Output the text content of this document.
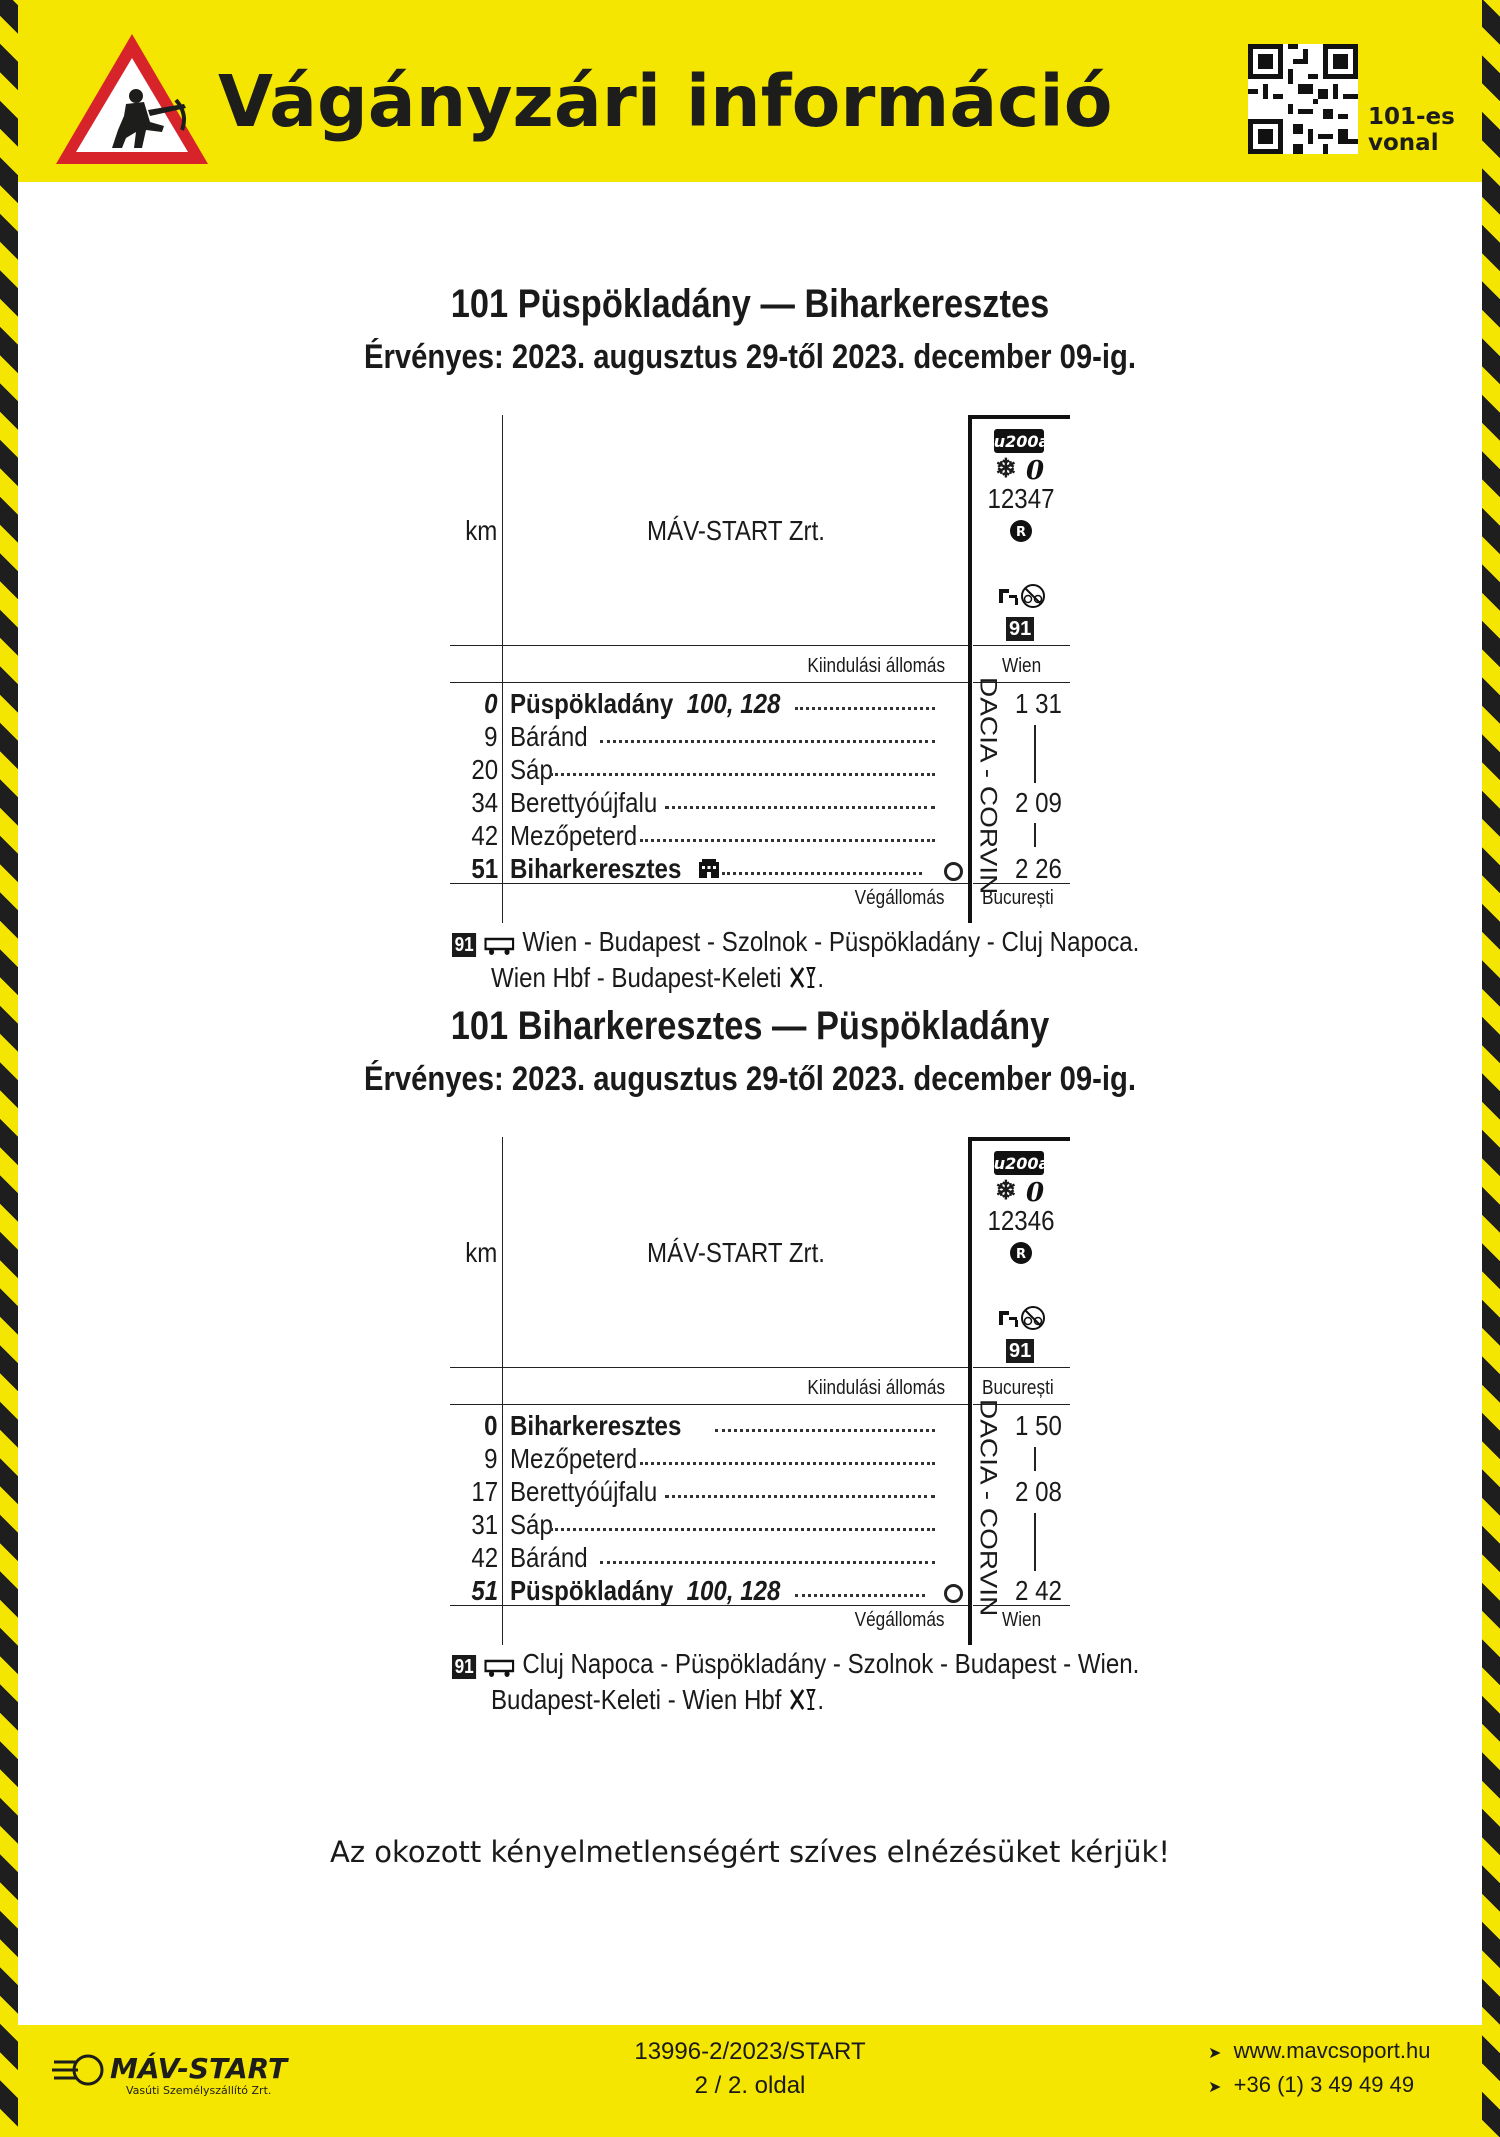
Vágányzári információ	101-es
vonal
101 Püspökladány — Biharkeresztes
Érvényes: 2023. augusztus 29-től 2023. december 09-ig.
km	MÁV-START Zrt.
E\u200aC
❄ 0
12347
R
91
Kiindulási állomás	Wien
0 Püspökladány 100, 128	1 31
9 Báránd
20 Sáp
34 Berettyóújfalu	2 09
42 Mezőpeterd
51 Biharkeresztes	2 26
DACIA - CORVIN
Végállomás București
91 Wien - Budapest - Szolnok - Püspökladány - Cluj Napoca.
Wien Hbf - Budapest-Keleti .
101 Biharkeresztes — Püspökladány
Érvényes: 2023. augusztus 29-től 2023. december 09-ig.
km	MÁV-START Zrt.
E\u200aC
❄ 0
12346
R
91
Kiindulási állomás București
0 Biharkeresztes	1 50
9 Mezőpeterd
17 Berettyóújfalu	2 08
31 Sáp
42 Báránd
51 Püspökladány 100, 128	2 42
DACIA - CORVIN
Végállomás	Wien
91 Cluj Napoca - Püspökladány - Szolnok - Budapest - Wien.
Budapest-Keleti - Wien Hbf .
Az okozott kényelmetlenségért szíves elnézésüket kérjük!
MÁV-START
Vasúti Személyszállító Zrt.
13996-2/2023/START
2 / 2. oldal
➤ www.mavcsoport.hu
➤ +36 (1) 3 49 49 49
